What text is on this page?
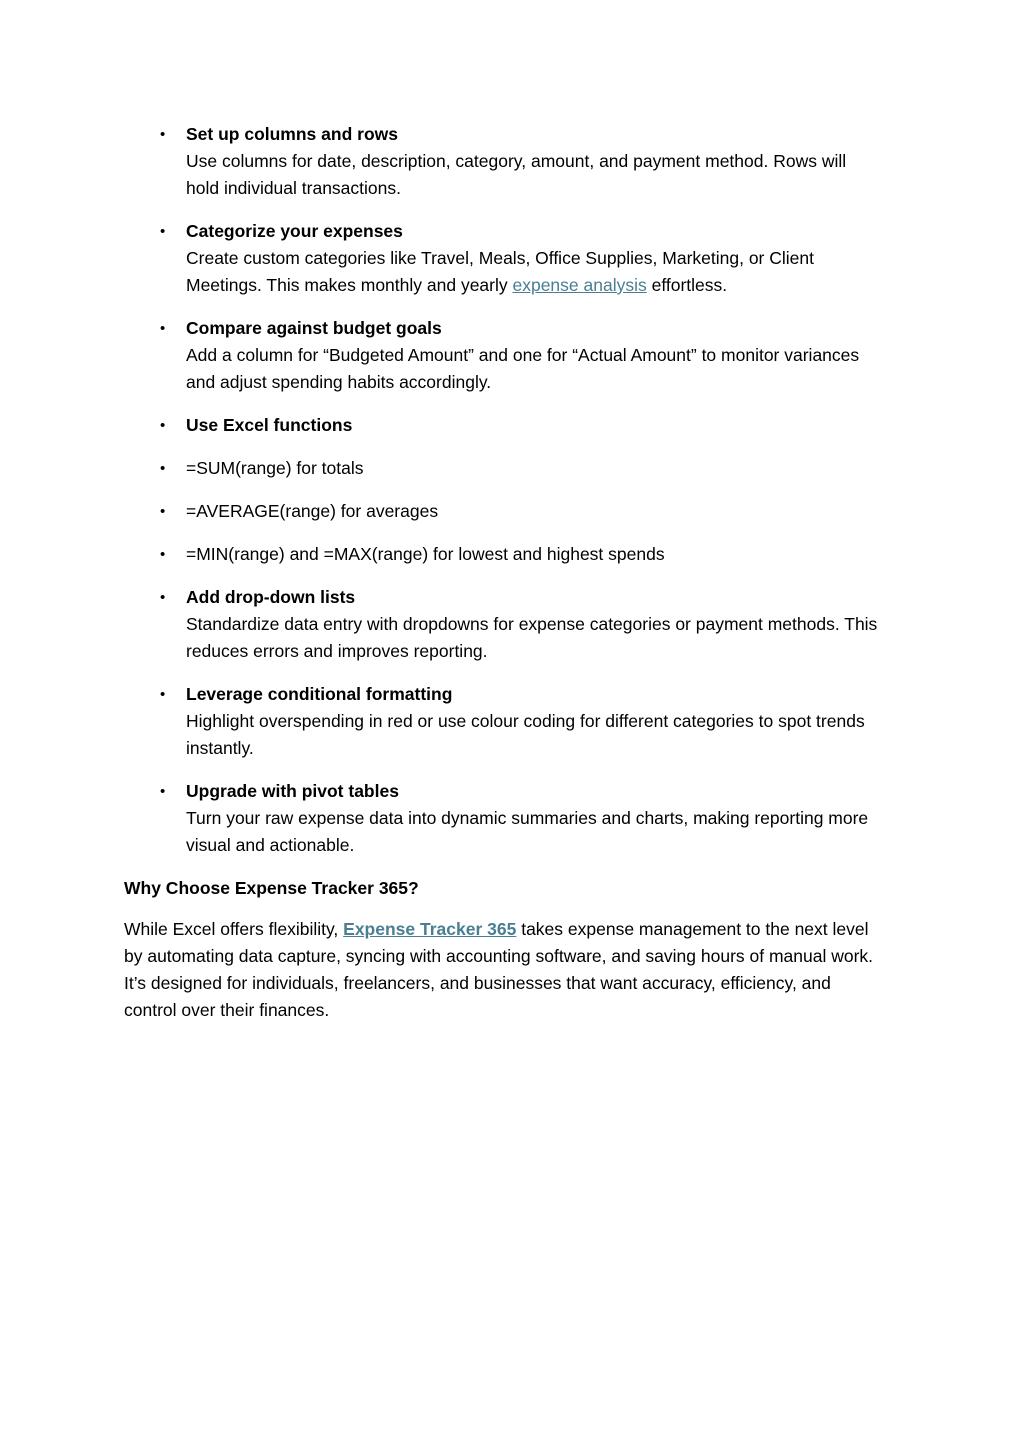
•	Set up columns and rows
Use columns for date, description, category, amount, and payment method. Rows will hold individual transactions.
•	Categorize your expenses
Create custom categories like Travel, Meals, Office Supplies, Marketing, or Client Meetings. This makes monthly and yearly expense analysis effortless.
•	Compare against budget goals
Add a column for “Budgeted Amount” and one for “Actual Amount” to monitor variances and adjust spending habits accordingly.
•	Use Excel functions
•	=SUM(range) for totals
•	=AVERAGE(range) for averages
•	=MIN(range) and =MAX(range) for lowest and highest spends
•	Add drop-down lists
Standardize data entry with dropdowns for expense categories or payment methods. This reduces errors and improves reporting.
•	Leverage conditional formatting
Highlight overspending in red or use colour coding for different categories to spot trends instantly.
•	Upgrade with pivot tables
Turn your raw expense data into dynamic summaries and charts, making reporting more visual and actionable.
Why Choose Expense Tracker 365?

While Excel offers flexibility, Expense Tracker 365 takes expense management to the next level by automating data capture, syncing with accounting software, and saving hours of manual work. It’s designed for individuals, freelancers, and businesses that want accuracy, efficiency, and control over their finances.
